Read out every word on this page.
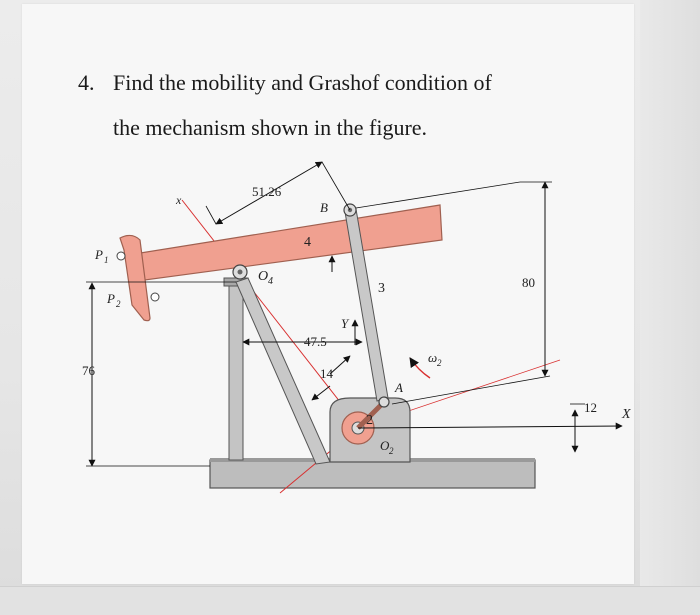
4. Find the mobility and Grashof condition of
the mechanism shown in the figure.
51.26
80
76
47.5
14
12
B
A
4
3
2
O 4
O 2
P 1
P 2
x
X
Y
ω 2
